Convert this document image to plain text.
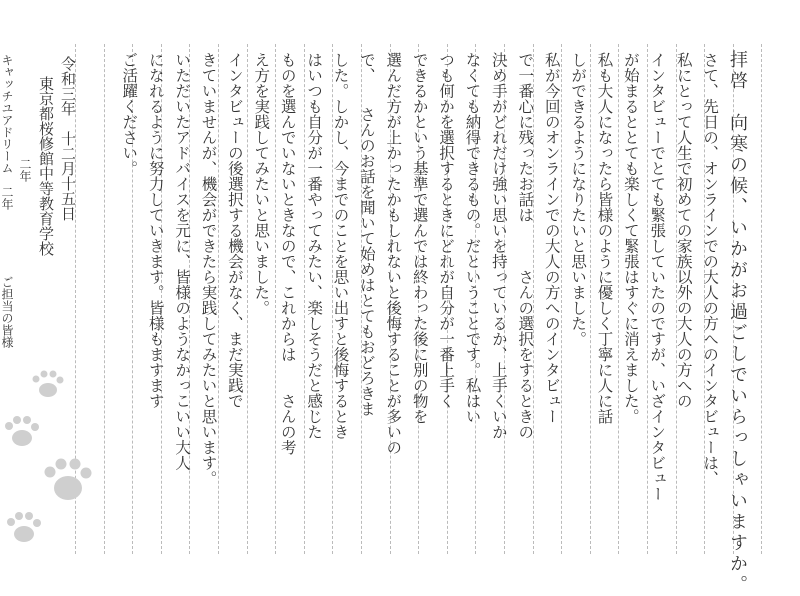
拝啓　向寒の候、いかがお過ごしでいらっしゃいますか。
さて、先日の、オンラインでの大人の方へのインタビューは、
私にとって人生で初めての家族以外の大人の方への
インタビューでとても緊張していたのですが、いざインタビュー
が始まるととても楽しくて緊張はすぐに消えました。
私も大人になったら皆様のように優しく丁寧に人に話
しができるようになりたいと思いました。
私が今回のオンラインでの大人の方へのインタビュー
で一番心に残ったお話は　　　さんの選択をするときの
決め手がどれだけ強い思いを持っているか、上手くいか
なくても納得できるもの。だということです。私はい
つも何かを選択するときにどれが自分が一番上手く
できるかという基準で選んでは終わった後に別の物を
選んだ方が上かったかもしれないと後悔することが多いの
で、　　さんのお話を聞いて始めはとてもおどろきま
した。しかし、今までのことを思い出すと後悔するとき
はいつも自分が一番やってみたい、楽しそうだと感じた
ものを選んでいないときなので、これからは　　さんの考
え方を実践してみたいと思いました。
インタビューの後選択する機会がなく、まだ実践で
きていませんが、機会ができたら実践してみたいと思います。
いただいたアドバイスを元に、皆様のようなかっこいい大人
になれるように努力していきます。皆様もますます
ご活躍ください。
令和三年　十二月十五日
東京都桜修館中等教育学校
二年
キャッチユアドリーム　二年
ご担当の皆様
